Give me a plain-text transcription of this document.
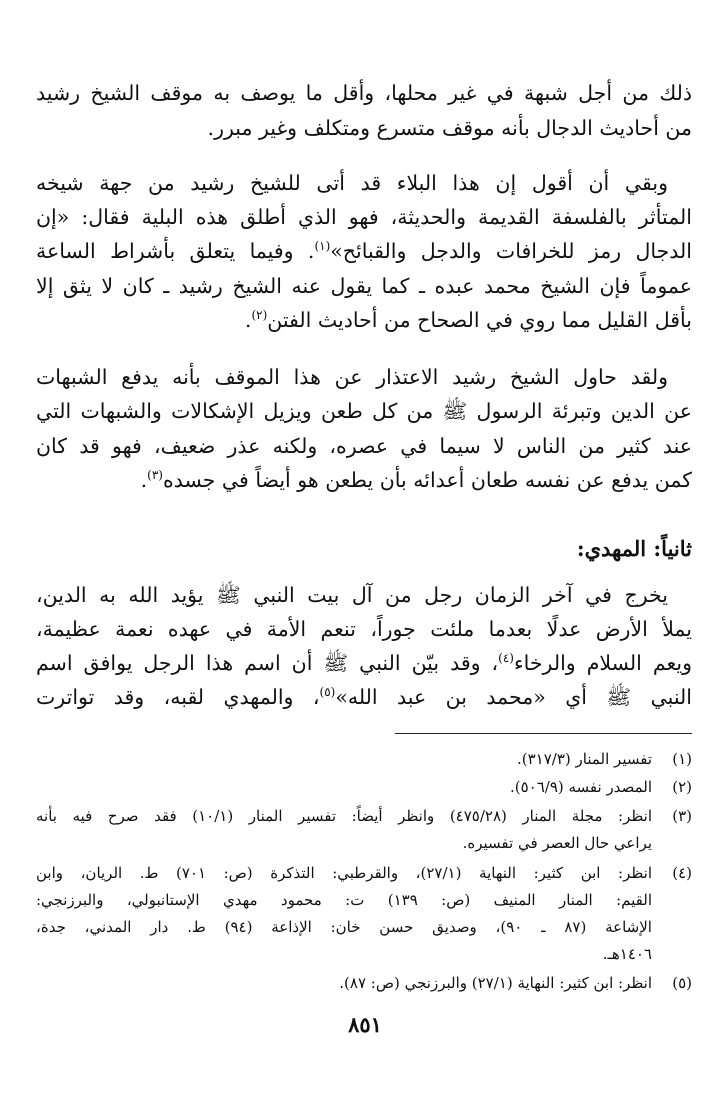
ذلك من أجل شبهة في غير محلها، وأقل ما يوصف به موقف الشيخ رشيد
من أحاديث الدجال بأنه موقف متسرع ومتكلف وغير مبرر.
وبقي أن أقول إن هذا البلاء قد أتى للشيخ رشيد من جهة شيخه
المتأثر بالفلسفة القديمة والحديثة، فهو الذي أطلق هذه البلية فقال: «إن
الدجال رمز للخرافات والدجل والقبائح»$^{(١)}$. وفيما يتعلق بأشراط الساعة
عموماً فإن الشيخ محمد عبده ـ كما يقول عنه الشيخ رشيد ـ كان لا يثق إلا
بأقل القليل مما روي في الصحاح من أحاديث الفتن$^{(٢)}$.
ولقد حاول الشيخ رشيد الاعتذار عن هذا الموقف بأنه يدفع الشبهات
عن الدين وتبرئة الرسول ﷺ من كل طعن ويزيل الإشكالات والشبهات التي
عند كثير من الناس لا سيما في عصره، ولكنه عذر ضعيف، فهو قد كان
كمن يدفع عن نفسه طعان أعدائه بأن يطعن هو أيضاً في جسده$^{(٣)}$.
ثانياً: المهدي:
يخرج في آخر الزمان رجل من آل بيت النبي ﷺ يؤيد الله به الدين،
يملأ الأرض عدلًا بعدما ملئت جوراً، تنعم الأمة في عهده نعمة عظيمة،
ويعم السلام والرخاء$^{(٤)}$، وقد بيّن النبي ﷺ أن اسم هذا الرجل يوافق اسم
النبي ﷺ أي «محمد بن عبد الله»$^{(٥)}$، والمهدي لقبه، وقد تواترت
(١)
تفسير المنار (٣١٧/٣).
(٢)
المصدر نفسه (٥٠٦/٩).
(٣)
انظر: مجلة المنار (٤٧٥/٢٨) وانظر أيضاً: تفسير المنار (١٠/١) فقد صرح فيه بأنه
يراعي حال العصر في تفسيره.
(٤)
انظر: ابن كثير: النهاية (٢٧/١)، والقرطبي: التذكرة (ص: ٧٠١) ط. الريان، وابن
القيم: المنار المنيف (ص: ١٣٩) ت: محمود مهدي الإستانبولي، والبرزنجي:
الإشاعة (٨٧ ـ ٩٠)، وصديق حسن خان: الإذاعة (٩٤) ط. دار المدني، جدة،
١٤٠٦هـ.
(٥)
انظر: ابن كثير: النهاية (٢٧/١) والبرزنجي (ص: ٨٧).
٨٥١
